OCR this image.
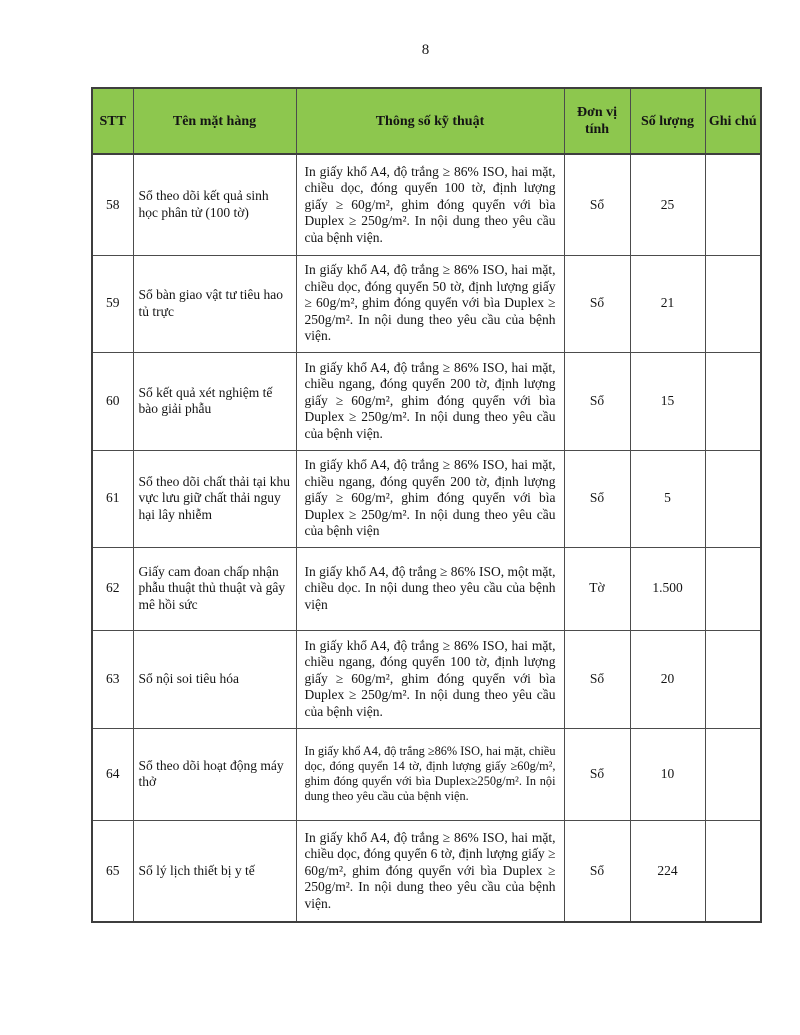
8
STT	Tên mặt hàng	Thông số kỹ thuật	Đơn vị tính	Số lượng	Ghi chú
58	Sổ theo dõi kết quả sinh học phân tử (100 tờ)	In giấy khổ A4, độ trắng ≥ 86% ISO, hai mặt, chiều dọc, đóng quyển 100 tờ, định lượng giấy ≥ 60g/m², ghim đóng quyển với bìa Duplex ≥ 250g/m². In nội dung theo yêu cầu của bệnh viện.	Sổ	25	
59	Sổ bàn giao vật tư tiêu hao tủ trực	In giấy khổ A4, độ trắng ≥ 86% ISO, hai mặt, chiều dọc, đóng quyển 50 tờ, định lượng giấy ≥ 60g/m², ghim đóng quyển với bìa Duplex ≥ 250g/m². In nội dung theo yêu cầu của bệnh viện.	Sổ	21	
60	Sổ kết quả xét nghiệm tế bào giải phẫu	In giấy khổ A4, độ trắng ≥ 86% ISO, hai mặt, chiều ngang, đóng quyển 200 tờ, định lượng giấy ≥ 60g/m², ghim đóng quyển với bìa Duplex ≥ 250g/m². In nội dung theo yêu cầu của bệnh viện.	Sổ	15	
61	Sổ theo dõi chất thải tại khu vực lưu giữ chất thải nguy hại lây nhiễm	In giấy khổ A4, độ trắng ≥ 86% ISO, hai mặt, chiều ngang, đóng quyển 200 tờ, định lượng giấy ≥ 60g/m², ghim đóng quyển với bìa Duplex ≥ 250g/m². In nội dung theo yêu cầu của bệnh viện	Sổ	5	
62	Giấy cam đoan chấp nhận phẫu thuật thủ thuật và gây mê hồi sức	In giấy khổ A4, độ trắng ≥ 86% ISO, một mặt, chiều dọc. In nội dung theo yêu cầu của bệnh viện	Tờ	1.500	
63	Sổ nội soi tiêu hóa	In giấy khổ A4, độ trắng ≥ 86% ISO, hai mặt, chiều ngang, đóng quyển 100 tờ, định lượng giấy ≥ 60g/m², ghim đóng quyển với bìa Duplex ≥ 250g/m². In nội dung theo yêu cầu của bệnh viện.	Sổ	20	
64	Sổ theo dõi hoạt động máy thở	In giấy khổ A4, độ trắng ≥86% ISO, hai mặt, chiều dọc, đóng quyển 14 tờ, định lượng giấy ≥60g/m², ghim đóng quyển với bìa Duplex≥250g/m². In nội dung theo yêu cầu của bệnh viện.	Sổ	10	
65	Sổ lý lịch thiết bị y tế	In giấy khổ A4, độ trắng ≥ 86% ISO, hai mặt, chiều dọc, đóng quyển 6 tờ, định lượng giấy ≥ 60g/m², ghim đóng quyển với bìa Duplex ≥ 250g/m². In nội dung theo yêu cầu của bệnh viện.	Sổ	224	
